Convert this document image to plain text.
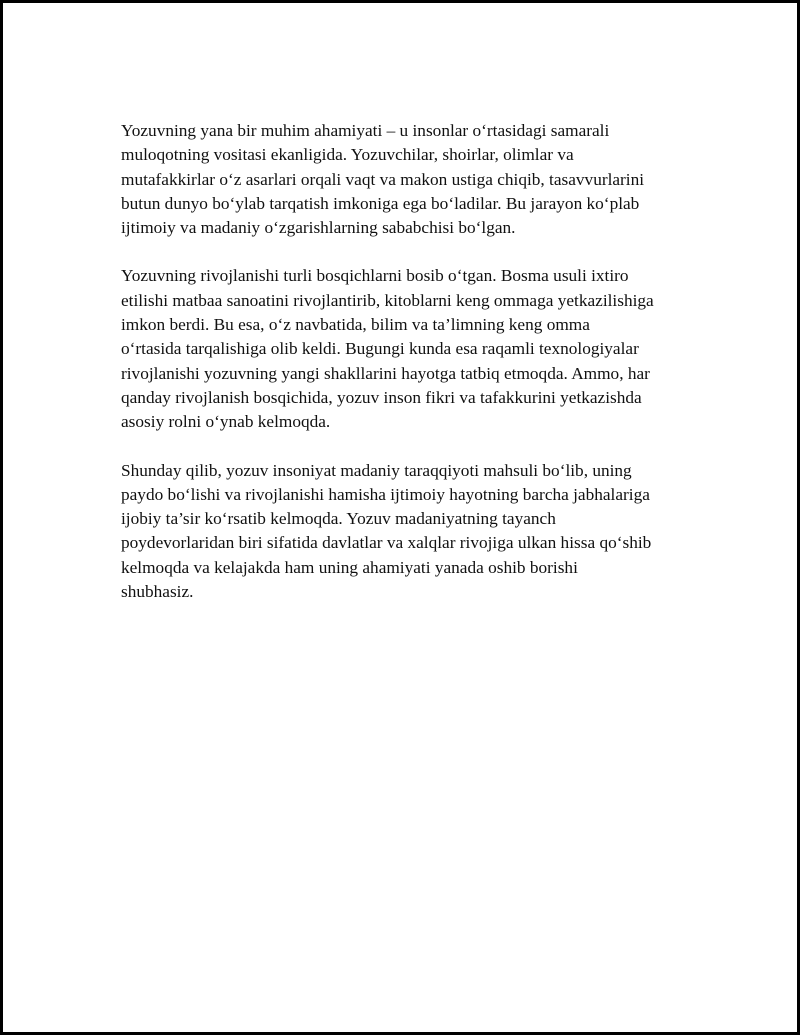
Yozuvning yana bir muhim ahamiyati – u insonlar oʻrtasidagi samarali
muloqotning vositasi ekanligida. Yozuvchilar, shoirlar, olimlar va
mutafakkirlar oʻz asarlari orqali vaqt va makon ustiga chiqib, tasavvurlarini
butun dunyo boʻylab tarqatish imkoniga ega boʻladilar. Bu jarayon koʻplab
ijtimoiy va madaniy oʻzgarishlarning sababchisi boʻlgan.

Yozuvning rivojlanishi turli bosqichlarni bosib oʻtgan. Bosma usuli ixtiro
etilishi matbaa sanoatini rivojlantirib, kitoblarni keng ommaga yetkazilishiga
imkon berdi. Bu esa, oʻz navbatida, bilim va ta’limning keng omma
oʻrtasida tarqalishiga olib keldi. Bugungi kunda esa raqamli texnologiyalar
rivojlanishi yozuvning yangi shakllarini hayotga tatbiq etmoqda. Ammo, har
qanday rivojlanish bosqichida, yozuv inson fikri va tafakkurini yetkazishda
asosiy rolni oʻynab kelmoqda.

Shunday qilib, yozuv insoniyat madaniy taraqqiyoti mahsuli boʻlib, uning
paydo boʻlishi va rivojlanishi hamisha ijtimoiy hayotning barcha jabhalariga
ijobiy ta’sir koʻrsatib kelmoqda. Yozuv madaniyatning tayanch
poydevorlaridan biri sifatida davlatlar va xalqlar rivojiga ulkan hissa qoʻshib
kelmoqda va kelajakda ham uning ahamiyati yanada oshib borishi
shubhasiz.
